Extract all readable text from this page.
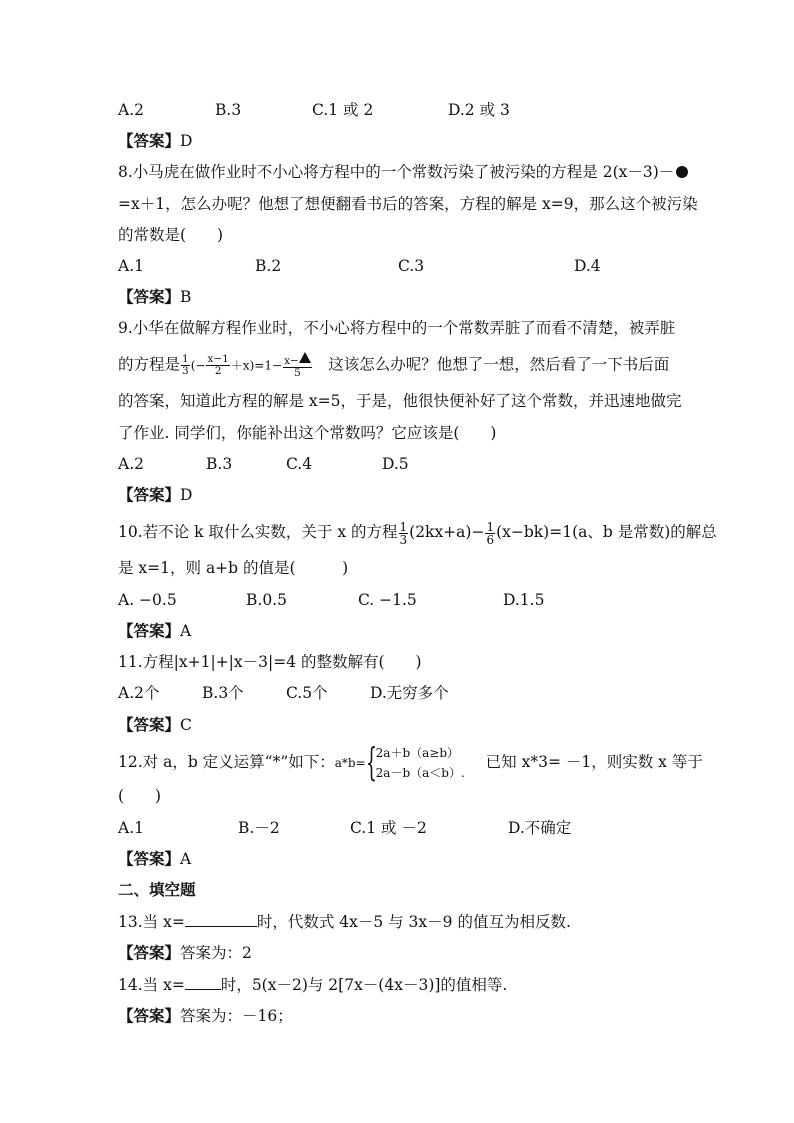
A.2	B.3	C.1 或 2	D.2 或 3
【答案】D
8.小马虎在做作业时不小心将方程中的一个常数污染了被污染的方程是 2(x－3)－
=x＋1，怎么办呢？他想了想便翻看书后的答案，方程的解是 x=9，那么这个被污染
的常数是(　　)
A.1	B.2	C.3	D.4
【答案】B
9.小华在做解方程作业时，不小心将方程中的一个常数弄脏了而看不清楚，被弄脏
的方程是 $\frac{1}{3}$ (− $\frac{x-1}{2} +x)=1- \frac{x-}{5}$ 　这该怎么办呢？他想了一想，然后看了一下书后面
的答案，知道此方程的解是 x=5，于是，他很快便补好了这个常数，并迅速地做完
了作业. 同学们，你能补出这个常数吗？它应该是(　　)
A.2	B.3	C.4	D.5
【答案】D
10.若不论 k 取什么实数，关于 x 的方程 $\frac{1}{3} (2kx+a)- \frac{1}{6} (x-bk)=1(a$、b 是常数)的解总
是 x=1，则 a+b 的值是(　　　)
A. −0.5	B.0.5	C. −1.5	D.1.5
【答案】A
11.方程|x+1|+|x－3|=4 的整数解有(　　)
A.2个	B.3个	C.5个	D.无穷多个
【答案】C
12.对 a，b 定义运算“*”如下：a*b= { 2a＋b（a≥b）
2a－b（a＜b）.
已知 x*3= －1，则实数 x 等于
(　　)
A.1	B.－2	C.1 或 －2	D.不确定
【答案】A
二、填空题
13.当 x=	时，代数式 4x－5 与 3x－9 的值互为相反数.
【答案】答案为：2
14.当 x= 时，5(x－2)与 2[7x－(4x－3)]的值相等.
【答案】答案为：－16；
